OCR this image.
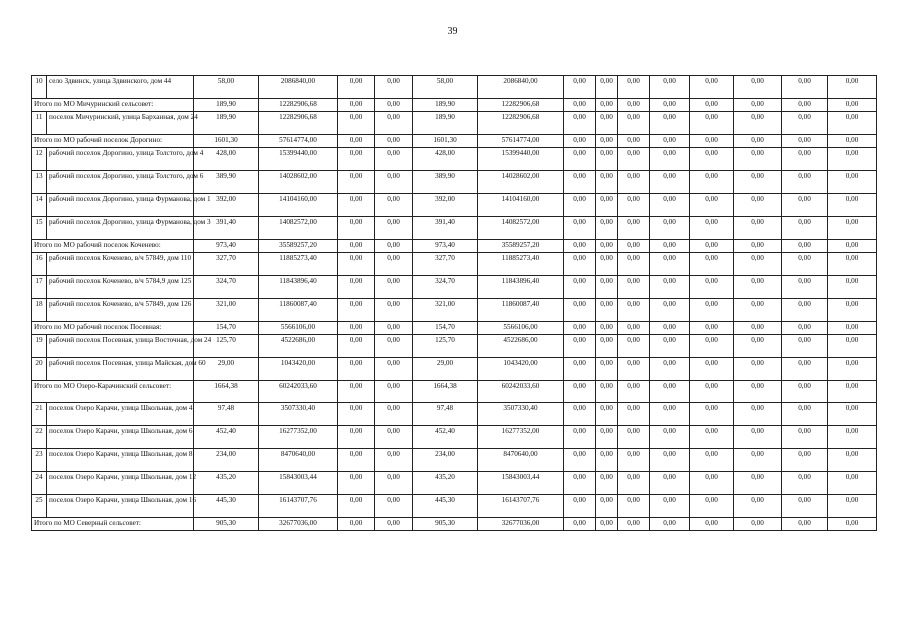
39
10	село Здвинск, улица Здвинского, дом 44	58,00	2086840,00	0,00	0,00	58,00	2086840,00	0,00	0,00	0,00	0,00	0,00	0,00	0,00	0,00
Итого по МО Мичуринский сельсовет:		189,90	12282906,68	0,00	0,00	189,90	12282906,68	0,00	0,00	0,00	0,00	0,00	0,00	0,00	0,00
11	поселок Мичуринский, улица Барханная, дом 24	189,90	12282906,68	0,00	0,00	189,90	12282906,68	0,00	0,00	0,00	0,00	0,00	0,00	0,00	0,00
Итого по МО рабочий поселок Дорогино:		1601,30	57614774,00	0,00	0,00	1601,30	57614774,00	0,00	0,00	0,00	0,00	0,00	0,00	0,00	0,00
12	рабочий поселок Дорогино, улица Толстого, дом 4	428,00	15399440,00	0,00	0,00	428,00	15399440,00	0,00	0,00	0,00	0,00	0,00	0,00	0,00	0,00
13	рабочий поселок Дорогино, улица Толстого, дом 6	389,90	14028602,00	0,00	0,00	389,90	14028602,00	0,00	0,00	0,00	0,00	0,00	0,00	0,00	0,00
14	рабочий поселок Дорогино, улица Фурманова, дом 1	392,00	14104160,00	0,00	0,00	392,00	14104160,00	0,00	0,00	0,00	0,00	0,00	0,00	0,00	0,00
15	рабочий поселок Дорогино, улица Фурманова, дом 3	391,40	14082572,00	0,00	0,00	391,40	14082572,00	0,00	0,00	0,00	0,00	0,00	0,00	0,00	0,00
Итого по МО рабочий поселок Коченево:		973,40	35589257,20	0,00	0,00	973,40	35589257,20	0,00	0,00	0,00	0,00	0,00	0,00	0,00	0,00
16	рабочий поселок Коченево, в/ч 57849, дом 110	327,70	11885273,40	0,00	0,00	327,70	11885273,40	0,00	0,00	0,00	0,00	0,00	0,00	0,00	0,00
17	рабочий поселок Коченево, в/ч 5784,9 дом 125	324,70	11843896,40	0,00	0,00	324,70	11843896,40	0,00	0,00	0,00	0,00	0,00	0,00	0,00	0,00
18	рабочий поселок Коченево, в/ч 57849, дом 126	321,00	11860087,40	0,00	0,00	321,00	11860087,40	0,00	0,00	0,00	0,00	0,00	0,00	0,00	0,00
Итого по МО рабочий поселок Посевная:		154,70	5566106,00	0,00	0,00	154,70	5566106,00	0,00	0,00	0,00	0,00	0,00	0,00	0,00	0,00
19	рабочий поселок Посевная, улица Восточная, дом 24	125,70	4522686,00	0,00	0,00	125,70	4522686,00	0,00	0,00	0,00	0,00	0,00	0,00	0,00	0,00
20	рабочий поселок Посевная, улица Майская, дом 60	29,00	1043420,00	0,00	0,00	29,00	1043420,00	0,00	0,00	0,00	0,00	0,00	0,00	0,00	0,00
Итого по МО Озеро-Карачинский сельсовет:		1664,38	60242033,60	0,00	0,00	1664,38	60242033,60	0,00	0,00	0,00	0,00	0,00	0,00	0,00	0,00
21	поселок Озеро Карачи, улица Школьная, дом 4	97,48	3507330,40	0,00	0,00	97,48	3507330,40	0,00	0,00	0,00	0,00	0,00	0,00	0,00	0,00
22	поселок Озеро Карачи, улица Школьная, дом 6	452,40	16277352,00	0,00	0,00	452,40	16277352,00	0,00	0,00	0,00	0,00	0,00	0,00	0,00	0,00
23	поселок Озеро Карачи, улица Школьная, дом 8	234,00	8470640,00	0,00	0,00	234,00	8470640,00	0,00	0,00	0,00	0,00	0,00	0,00	0,00	0,00
24	поселок Озеро Карачи, улица Школьная, дом 12	435,20	15843003,44	0,00	0,00	435,20	15843003,44	0,00	0,00	0,00	0,00	0,00	0,00	0,00	0,00
25	поселок Озеро Карачи, улица Школьная, дом 16	445,30	16143707,76	0,00	0,00	445,30	16143707,76	0,00	0,00	0,00	0,00	0,00	0,00	0,00	0,00
Итого по МО Северный сельсовет:		905,30	32677036,00	0,00	0,00	905,30	32677036,00	0,00	0,00	0,00	0,00	0,00	0,00	0,00	0,00
